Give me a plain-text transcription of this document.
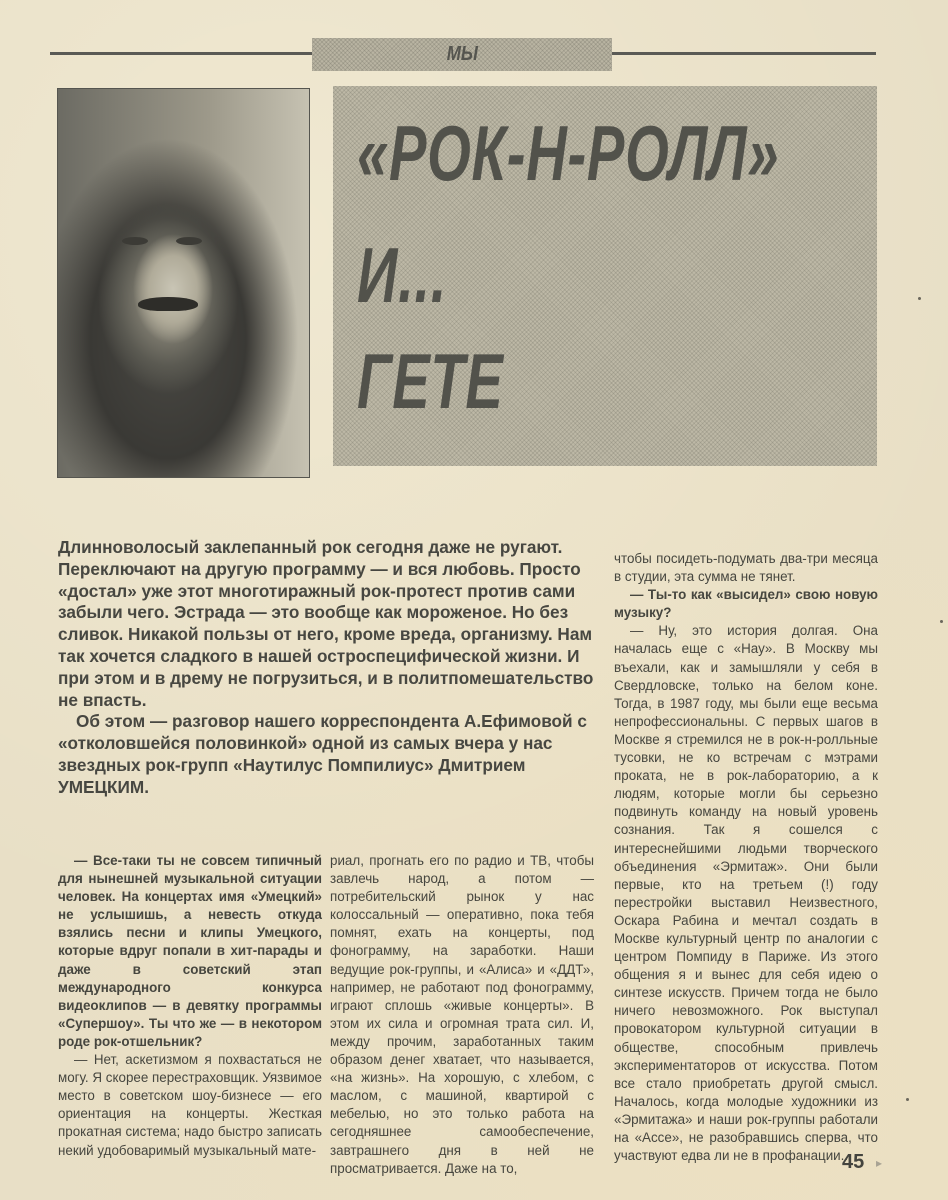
МЫ
«РОК-Н-РОЛЛ»
И...
ГЕТЕ

Длинноволосый заклепанный рок сегодня даже не ругают. Переключают на другую программу — и вся любовь. Просто «достал» уже этот многотиражный рок-протест против сами забыли чего. Эстрада — это вообще как мороженое. Но без сливок. Никакой пользы от него, кроме вреда, организму. Нам так хочется сладкого в нашей остроспецифической жизни. И при этом и в дрему не погрузиться, и в политпомешательство не впасть.

Об этом — разговор нашего корреспондента А.Ефимовой с «отколовшейся половинкой» одной из самых вчера у нас звездных рок-групп «Наутилус Помпилиус» Дмитрием УМЕЦКИМ.

— Все-таки ты не совсем типичный для нынешней музыкальной ситуации человек. На концертах имя «Умецкий» не услышишь, а невесть откуда взялись песни и клипы Умецкого, которые вдруг попали в хит-парады и даже в советский этап международного конкурса видеоклипов — в девятку программы «Супершоу». Ты что же — в некотором роде рок-отшельник?

— Нет, аскетизмом я похвастаться не могу. Я скорее перестраховщик. Уязвимое место в советском шоу-бизнесе — его ориентация на концерты. Жесткая прокатная система; надо быстро записать некий удобоваримый музыкальный мате-

риал, прогнать его по радио и ТВ, чтобы завлечь народ, а потом — потребительский рынок у нас колоссальный — оперативно, пока тебя помнят, ехать на концерты, под фонограмму, на заработки. Наши ведущие рок-группы, и «Алиса» и «ДДТ», например, не работают под фонограмму, играют сплошь «живые концерты». В этом их сила и огромная трата сил. И, между прочим, заработанных таким образом денег хватает, что называется, «на жизнь». На хорошую, с хлебом, с маслом, с машиной, квартирой с мебелью, но это только работа на сегодняшнее самообеспечение, завтрашнего дня в ней не просматривается. Даже на то,

чтобы посидеть-подумать два-три месяца в студии, эта сумма не тянет.

— Ты-то как «высидел» свою новую музыку?

— Ну, это история долгая. Она началась еще с «Нау». В Москву мы въехали, как и замышляли у себя в Свердловске, только на белом коне. Тогда, в 1987 году, мы были еще весьма непрофессиональны. С первых шагов в Москве я стремился не в рок-н-ролльные тусовки, не ко встречам с мэтрами проката, не в рок-лабораторию, а к людям, которые могли бы серьезно подвинуть команду на новый уровень сознания. Так я сошелся с интереснейшими людьми творческого объединения «Эрмитаж». Они были первые, кто на третьем (!) году перестройки выставил Неизвестного, Оскара Рабина и мечтал создать в Москве культурный центр по аналогии с центром Помпиду в Париже. Из этого общения я и вынес для себя идею о синтезе искусств. Причем тогда не было ничего невозможного. Рок выступал провокатором культурной ситуации в обществе, способным привлечь экспериментаторов от искусства. Потом все стало приобретать другой смысл. Началось, когда молодые художники из «Эрмитажа» и наши рок-группы работали на «Ассе», не разобравшись сперва, что участвуют едва ли не в профанации...

45 ▸
